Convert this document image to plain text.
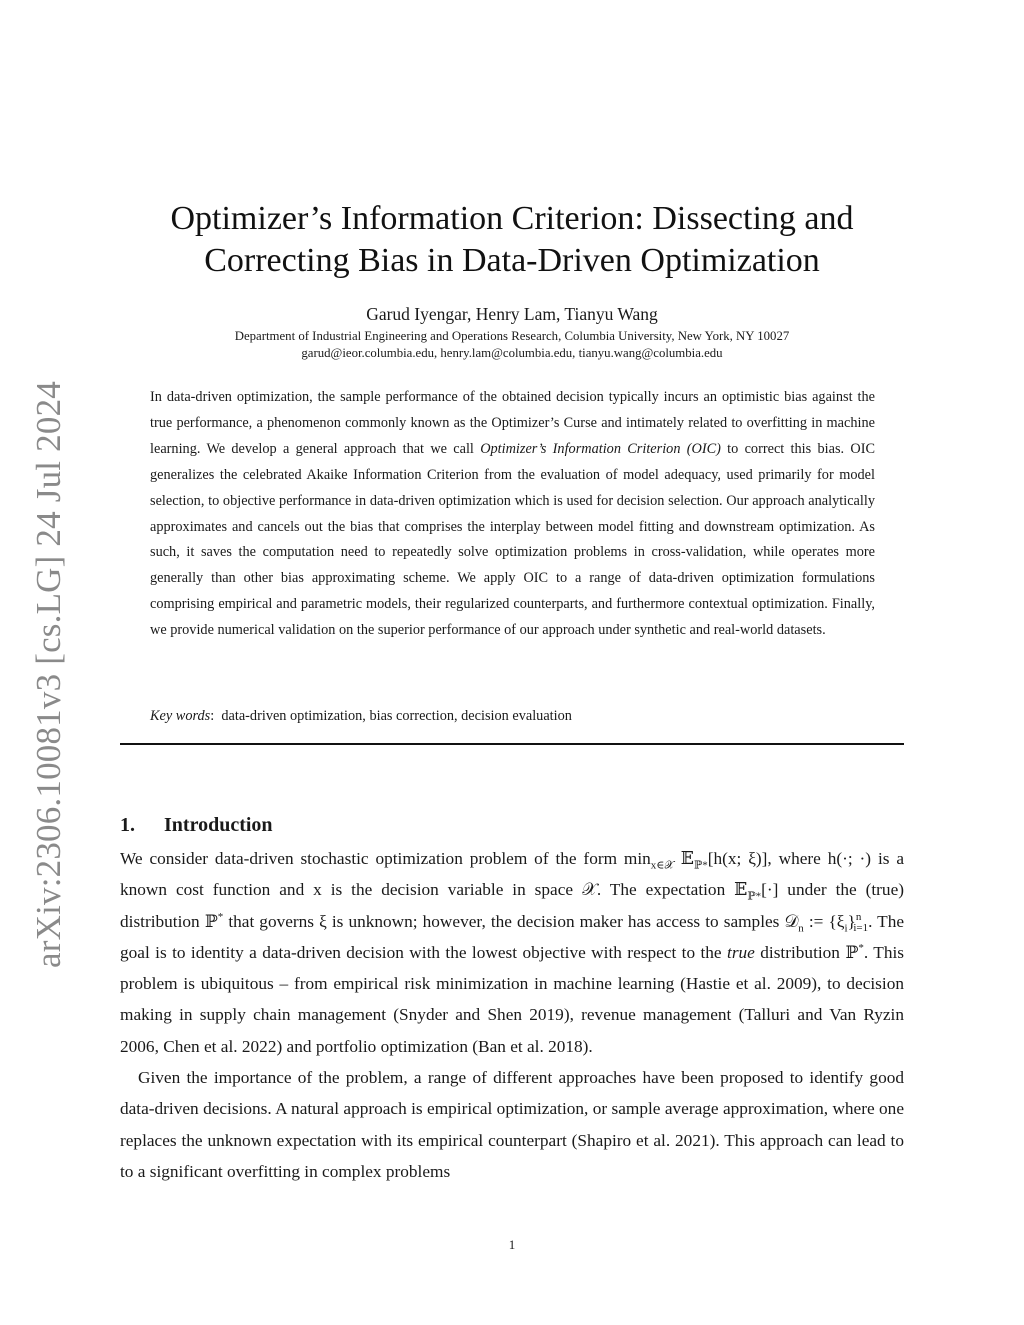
arXiv:2306.10081v3 [cs.LG] 24 Jul 2024
Optimizer’s Information Criterion: Dissecting and
Correcting Bias in Data-Driven Optimization
Garud Iyengar, Henry Lam, Tianyu Wang
Department of Industrial Engineering and Operations Research, Columbia University, New York, NY 10027
garud@ieor.columbia.edu, henry.lam@columbia.edu, tianyu.wang@columbia.edu
In data-driven optimization, the sample performance of the obtained decision typically incurs an optimistic bias against the true performance, a phenomenon commonly known as the Optimizer’s Curse and intimately related to overfitting in machine learning. We develop a general approach that we call Optimizer’s Information Criterion (OIC) to correct this bias. OIC generalizes the celebrated Akaike Information Criterion from the evaluation of model adequacy, used primarily for model selection, to objective performance in data-driven optimization which is used for decision selection. Our approach analytically approximates and cancels out the bias that comprises the interplay between model fitting and downstream optimization. As such, it saves the computation need to repeatedly solve optimization problems in cross-validation, while operates more generally than other bias approximating scheme. We apply OIC to a range of data-driven optimization formulations comprising empirical and parametric models, their regularized counterparts, and furthermore contextual optimization. Finally, we provide numerical validation on the superior performance of our approach under synthetic and real-world datasets.
Key words:  data-driven optimization, bias correction, decision evaluation
1. Introduction

We consider data-driven stochastic optimization problem of the form $\min_{x\in 𝒳}$ 𝔼$_{ℙ*}$[h(x; ξ)], where h(·; ·) is a known cost function and x is the decision variable in space 𝒳. The expectation 𝔼$_{ℙ*}$[·] under the (true) distribution ℙ* that governs ξ is unknown; however, the decision maker has access to samples 𝒟$_n$ := $\{\xi_i\}^n_{i=1}$. The goal is to identity a data-driven decision with the lowest objective with respect to the true distribution ℙ*. This problem is ubiquitous – from empirical risk minimization in machine learning (Hastie et al. 2009), to decision making in supply chain management (Snyder and Shen 2019), revenue management (Talluri and Van Ryzin 2006, Chen et al. 2022) and portfolio optimization (Ban et al. 2018).

Given the importance of the problem, a range of different approaches have been proposed to identify good data-driven decisions. A natural approach is empirical optimization, or sample average approximation, where one replaces the unknown expectation with its empirical counterpart (Shapiro et al. 2021). This approach can lead to to a significant overfitting in complex problems

1
